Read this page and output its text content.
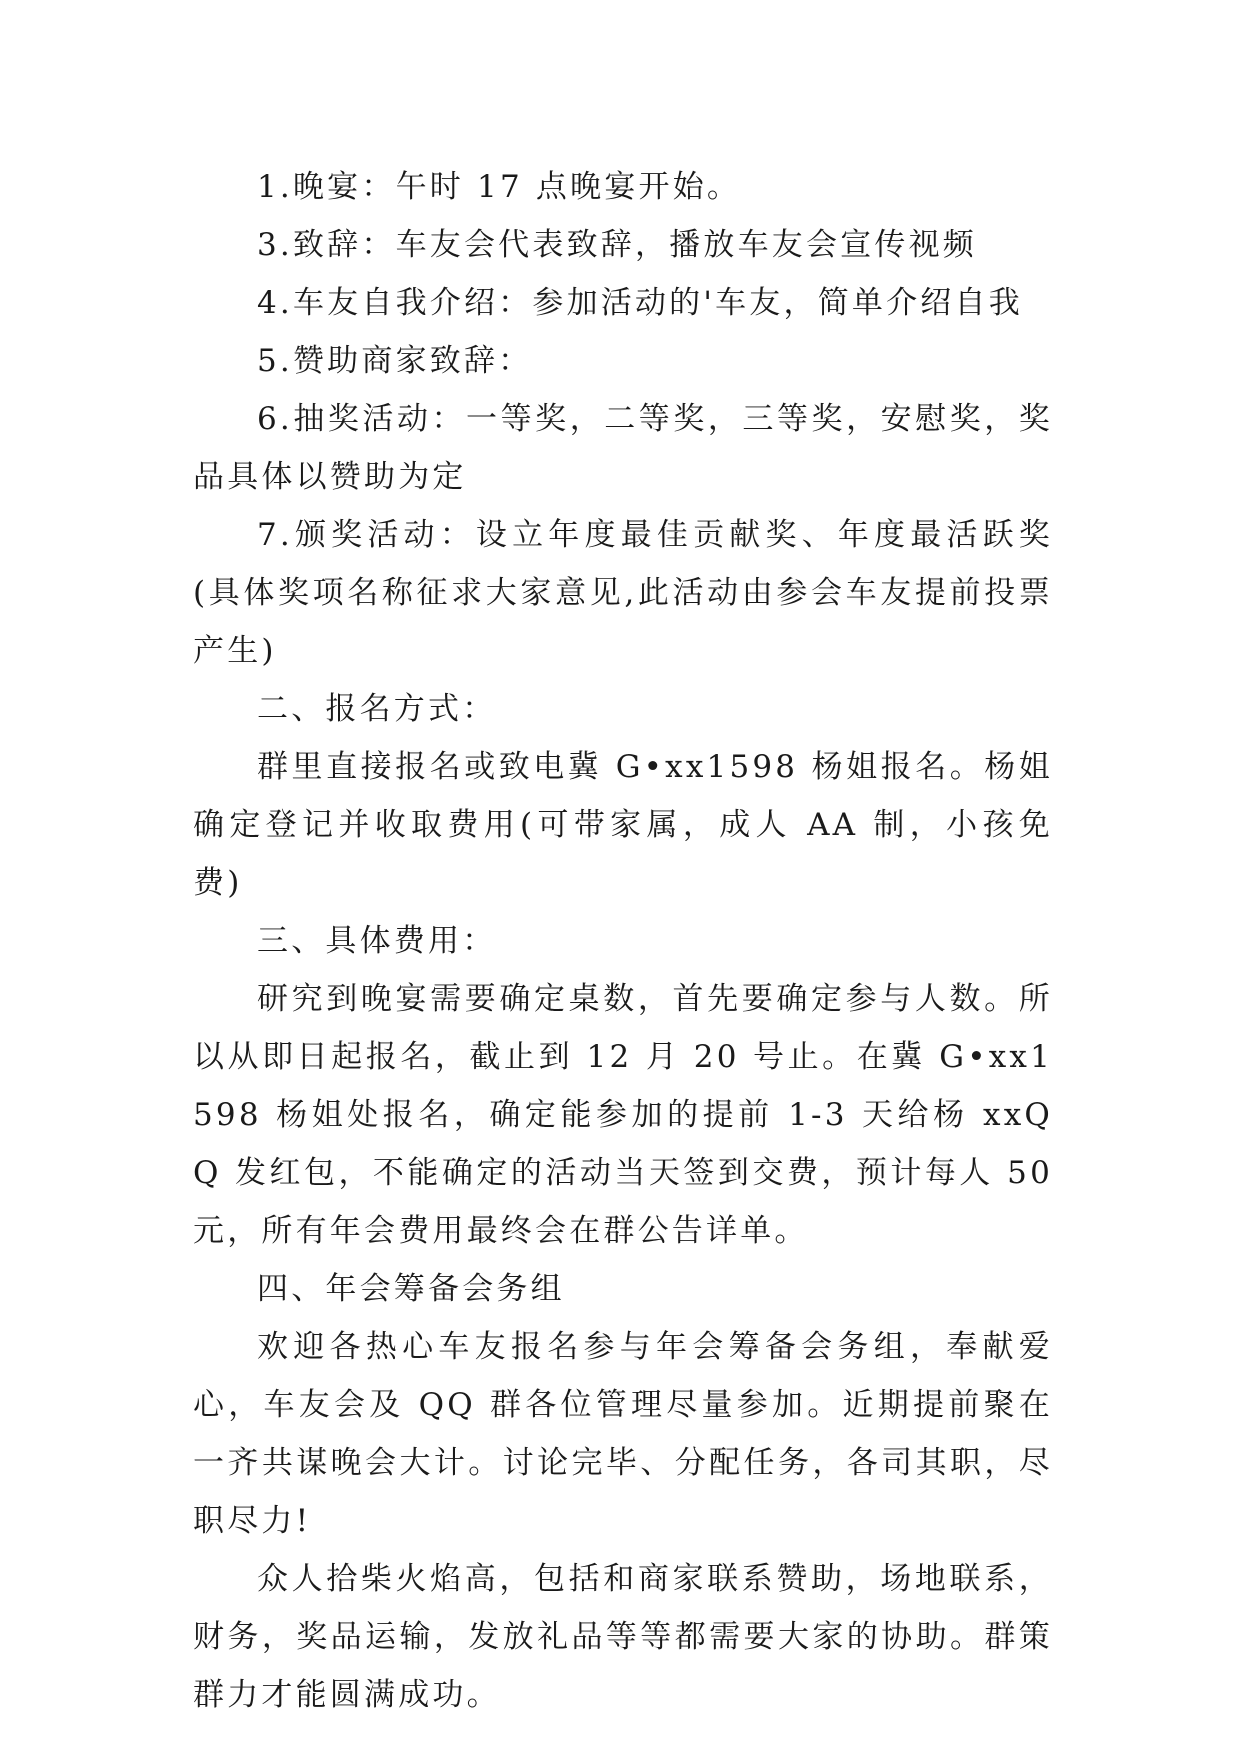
1.晚宴：午时 17 点晚宴开始。

3.致辞：车友会代表致辞，播放车友会宣传视频

4.车友自我介绍：参加活动的'车友，简单介绍自我

5.赞助商家致辞：

6.抽奖活动：一等奖，二等奖，三等奖，安慰奖，奖品具体以赞助为定

7.颁奖活动：设立年度最佳贡献奖、年度最活跃奖(具体奖项名称征求大家意见,此活动由参会车友提前投票产生)

二、报名方式：

群里直接报名或致电冀 G•xx1598 杨姐报名。杨姐确定登记并收取费用(可带家属，成人 AA 制，小孩免费)

三、具体费用：

研究到晚宴需要确定桌数，首先要确定参与人数。所以从即日起报名，截止到 12 月 20 号止。在冀 G•xx1598 杨姐处报名，确定能参加的提前 1-3 天给杨 xxQQ 发红包，不能确定的活动当天签到交费，预计每人 50 元，所有年会费用最终会在群公告详单。

四、年会筹备会务组

欢迎各热心车友报名参与年会筹备会务组，奉献爱心，车友会及 QQ 群各位管理尽量参加。近期提前聚在一齐共谋晚会大计。讨论完毕、分配任务，各司其职，尽职尽力!

众人拾柴火焰高，包括和商家联系赞助，场地联系，财务，奖品运输，发放礼品等等都需要大家的协助。群策群力才能圆满成功。
